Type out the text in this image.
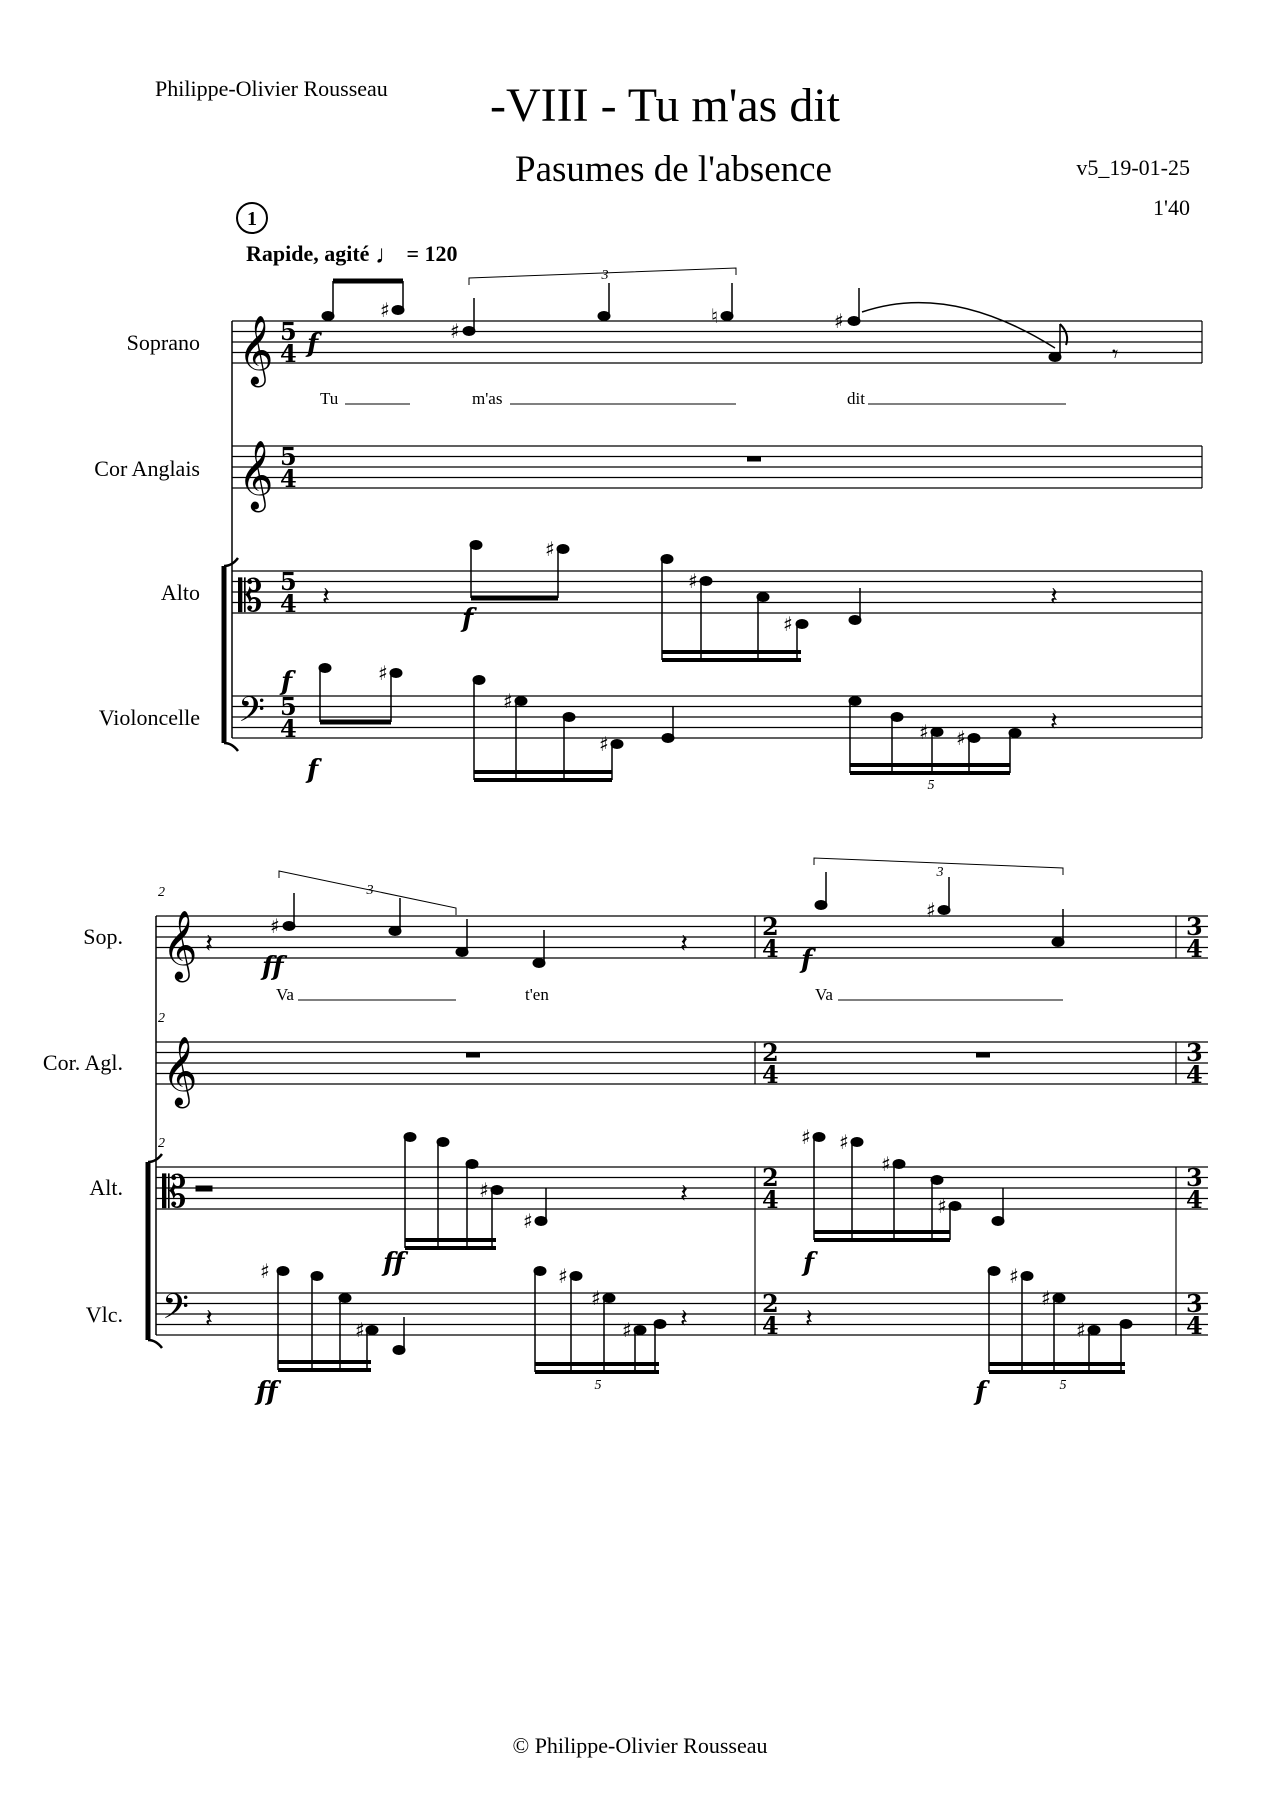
Philippe-Olivier Rousseau -VIII - Tu m'as dit
Pasumes de l'absence	v5_19-01-25
1'40
1
Rapide, agité ♩ = 120
Soprano
Cor Anglais
Alto
Violoncelle
Sop.
Cor. Agl.
Alt.
Vlc.
𝄞
𝄞
𝄡
𝄢
5
4
5
4
5
4
5
4
♯
♯
♮	♯
𝄾
3
f
Tu	m'as	dit
𝄽
♯
♯
♯
𝄽
f
♯
♯
♯	♯ ♯
𝄽
5
f
f
2
2
2
𝄞
𝄞
𝄡
𝄢
2
4
2
4
2
4
2
4
3
4
3
4
3
4
3
4
𝄽
♯
𝄽
♯
3
3
ff	f
Va	t'en	Va
♯
♯
𝄽
♯ ♯
♯
♯
ff	f
𝄽
♯
♯
♯
♯
♯ 𝄽	𝄽
♯
♯
♯
5	5
ff	f
© Philippe-Olivier Rousseau
